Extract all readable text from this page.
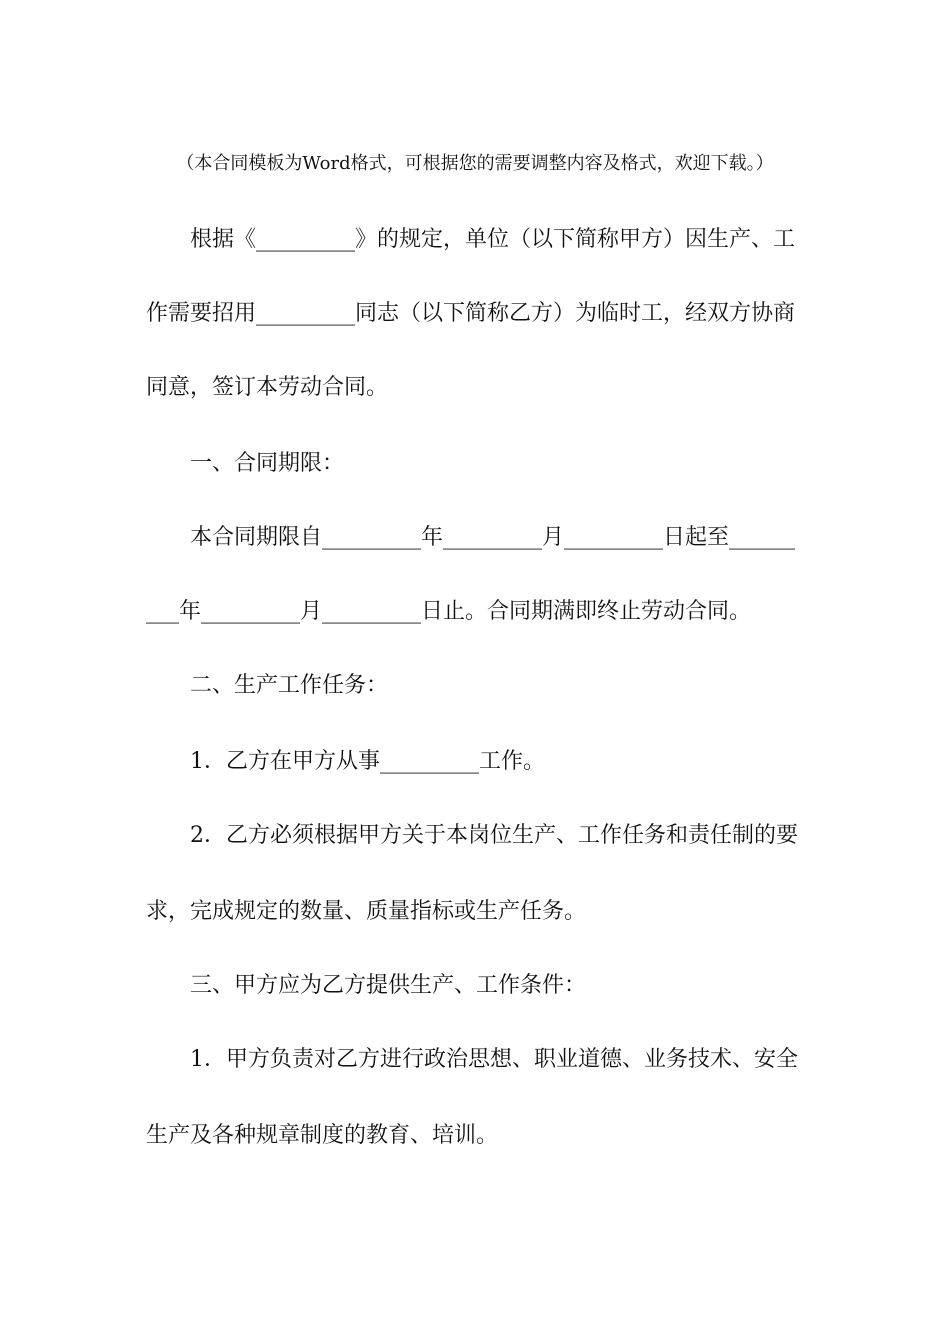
（本合同模板为Word格式，可根据您的需要调整内容及格式，欢迎下载。）
根据《_________》的规定，单位（以下简称甲方）因生产、工
作需要招用_________同志（以下简称乙方）为临时工，经双方协商
同意，签订本劳动合同。
一、合同期限：
本合同期限自_________年_________月_________日起至______
___年_________月_________日止。合同期满即终止劳动合同。
二、生产工作任务：
1．乙方在甲方从事_________工作。
2．乙方必须根据甲方关于本岗位生产、工作任务和责任制的要
求，完成规定的数量、质量指标或生产任务。
三、甲方应为乙方提供生产、工作条件：
1．甲方负责对乙方进行政治思想、职业道德、业务技术、安全
生产及各种规章制度的教育、培训。
